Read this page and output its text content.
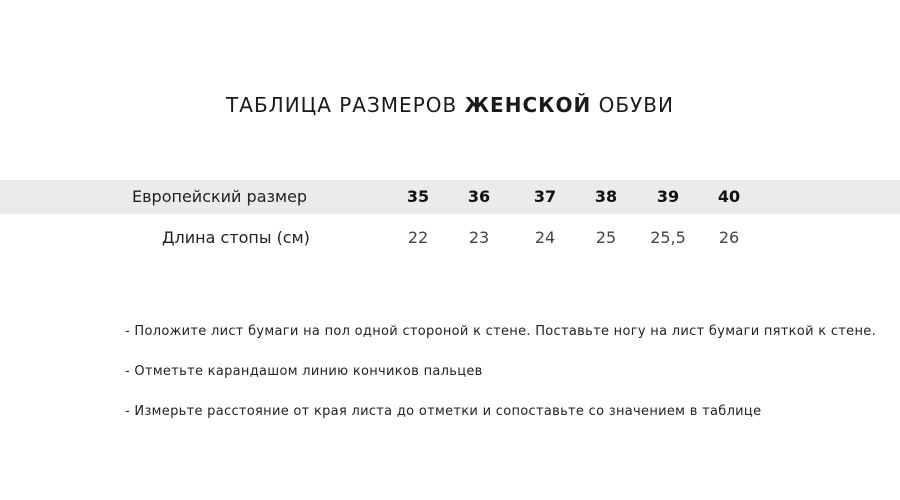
ТАБЛИЦА РАЗМЕРОВ ЖЕНСКОЙ ОБУВИ
Европейский размер	35	36	37	38	39	40
Длина стопы (см)	22	23	24	25	25,5	26
- Положите лист бумаги на пол одной стороной к стене. Поставьте ногу на лист бумаги пяткой к стене.
- Отметьте карандашом линию кончиков пальцев
- Измерьте расстояние от края листа до отметки и сопоставьте со значением в таблице
